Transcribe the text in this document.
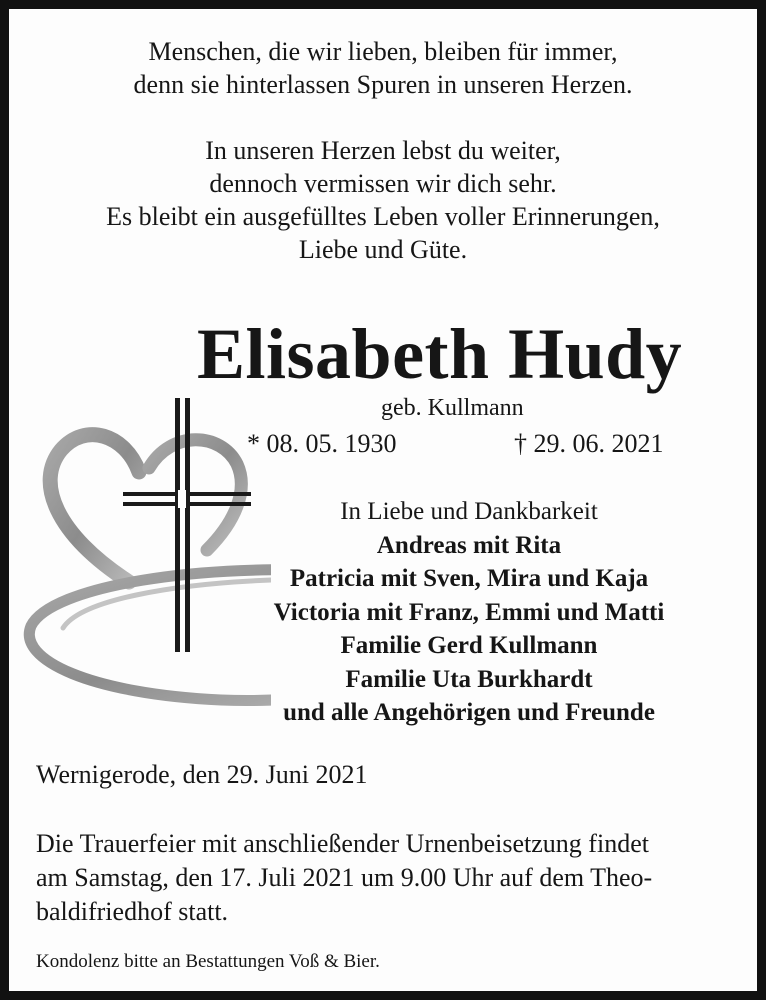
Menschen, die wir lieben, bleiben für immer,
denn sie hinterlassen Spuren in unseren Herzen.
In unseren Herzen lebst du weiter,
dennoch vermissen wir dich sehr.
Es bleibt ein ausgefülltes Leben voller Erinnerungen,
Liebe und Güte.
Elisabeth Hudy
geb. Kullmann
* 08. 05. 1930	† 29. 06. 2021
In Liebe und Dankbarkeit
Andreas mit Rita
Patricia mit Sven, Mira und Kaja
Victoria mit Franz, Emmi und Matti
Familie Gerd Kullmann
Familie Uta Burkhardt
und alle Angehörigen und Freunde
Wernigerode, den 29. Juni 2021
Die Trauerfeier mit anschließender Urnenbeisetzung findet
am Samstag, den 17. Juli 2021 um 9.00 Uhr auf dem Theo-
baldifriedhof statt.
Kondolenz bitte an Bestattungen Voß & Bier.
